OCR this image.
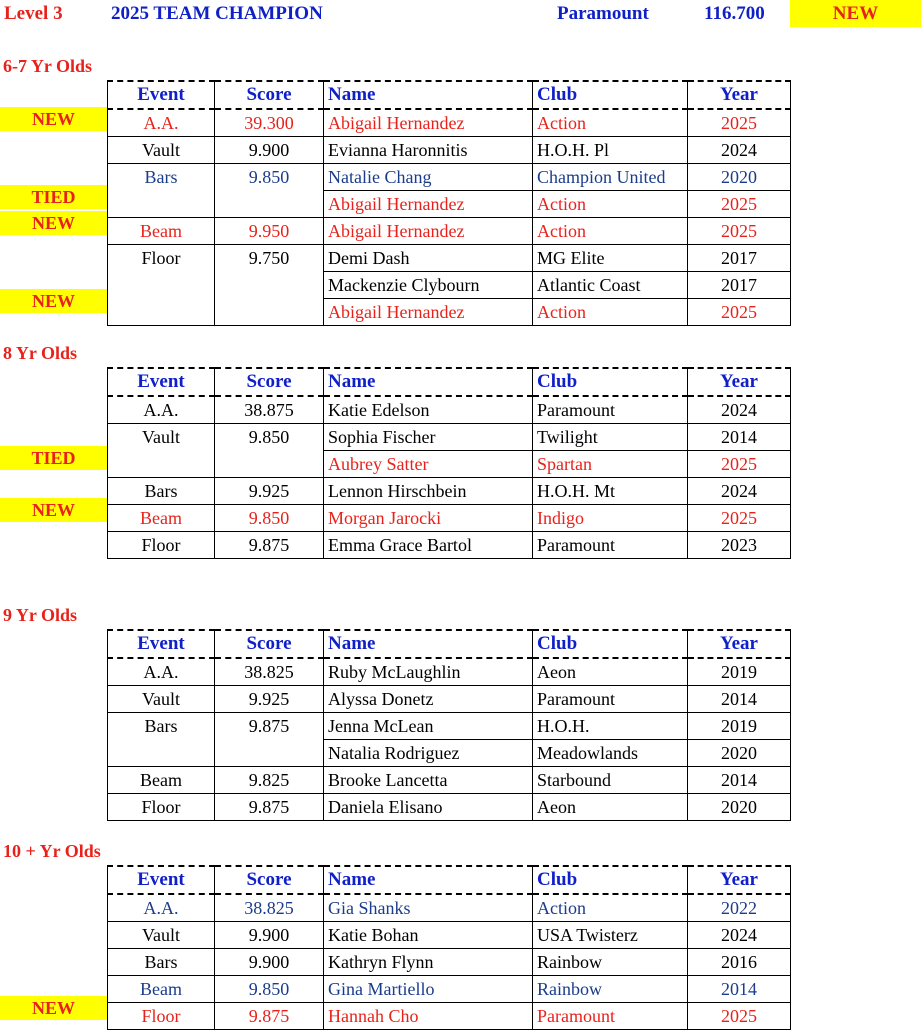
Level 3	2025 TEAM CHAMPION	Paramount	116.700	NEW
6-7 Yr Olds
NEW
TIED
NEW
NEW
Event	Score	Name	Club	Year
A.A.	39.300	Abigail Hernandez	Action	2025
Vault	9.900	Evianna Haronnitis	H.O.H. Pl	2024
Bars	9.850	Natalie Chang	Champion United	2020
		Abigail Hernandez	Action	2025
Beam	9.950	Abigail Hernandez	Action	2025
Floor	9.750	Demi Dash	MG Elite	2017
		Mackenzie Clybourn	Atlantic Coast	2017
		Abigail Hernandez	Action	2025
8 Yr Olds
TIED
NEW
Event	Score	Name	Club	Year
A.A.	38.875	Katie Edelson	Paramount	2024
Vault	9.850	Sophia Fischer	Twilight	2014
		Aubrey Satter	Spartan	2025
Bars	9.925	Lennon Hirschbein	H.O.H. Mt	2024
Beam	9.850	Morgan Jarocki	Indigo	2025
Floor	9.875	Emma Grace Bartol	Paramount	2023
9 Yr Olds
Event	Score	Name	Club	Year
A.A.	38.825	Ruby McLaughlin	Aeon	2019
Vault	9.925	Alyssa Donetz	Paramount	2014
Bars	9.875	Jenna McLean	H.O.H.	2019
		Natalia Rodriguez	Meadowlands	2020
Beam	9.825	Brooke Lancetta	Starbound	2014
Floor	9.875	Daniela Elisano	Aeon	2020
10 + Yr Olds
NEW
Event	Score	Name	Club	Year
A.A.	38.825	Gia Shanks	Action	2022
Vault	9.900	Katie Bohan	USA Twisterz	2024
Bars	9.900	Kathryn Flynn	Rainbow	2016
Beam	9.850	Gina Martiello	Rainbow	2014
Floor	9.875	Hannah Cho	Paramount	2025
